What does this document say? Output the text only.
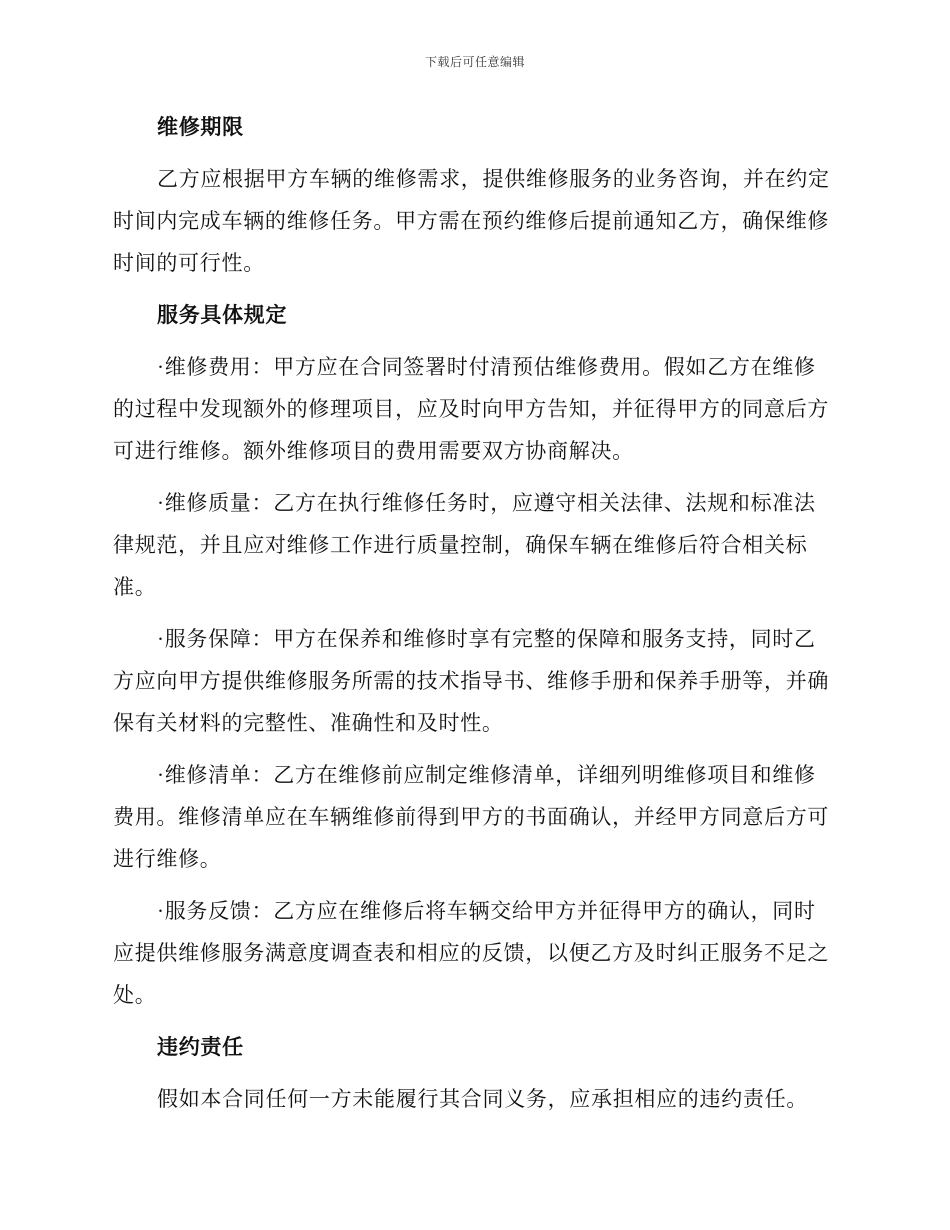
下载后可任意编辑
维修期限
乙方应根据甲方车辆的维修需求，提供维修服务的业务咨询，并在约定
时间内完成车辆的维修任务。甲方需在预约维修后提前通知乙方，确保维修
时间的可行性。
服务具体规定
·维修费用：甲方应在合同签署时付清预估维修费用。假如乙方在维修
的过程中发现额外的修理项目，应及时向甲方告知，并征得甲方的同意后方
可进行维修。额外维修项目的费用需要双方协商解决。
·维修质量：乙方在执行维修任务时，应遵守相关法律、法规和标准法
律规范，并且应对维修工作进行质量控制，确保车辆在维修后符合相关标
准。
·服务保障：甲方在保养和维修时享有完整的保障和服务支持，同时乙
方应向甲方提供维修服务所需的技术指导书、维修手册和保养手册等，并确
保有关材料的完整性、准确性和及时性。
·维修清单：乙方在维修前应制定维修清单，详细列明维修项目和维修
费用。维修清单应在车辆维修前得到甲方的书面确认，并经甲方同意后方可
进行维修。
·服务反馈：乙方应在维修后将车辆交给甲方并征得甲方的确认，同时
应提供维修服务满意度调查表和相应的反馈，以便乙方及时纠正服务不足之
处。
违约责任
假如本合同任何一方未能履行其合同义务，应承担相应的违约责任。
